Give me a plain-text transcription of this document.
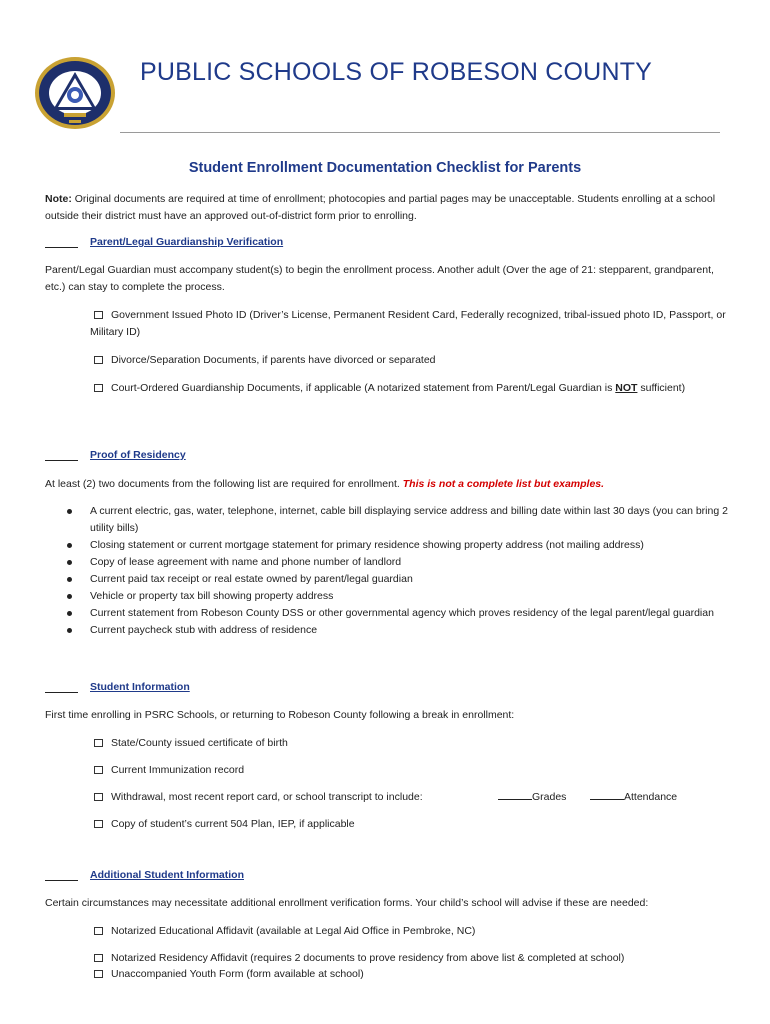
PUBLIC SCHOOLS OF ROBESON COUNTY
Student Enrollment Documentation Checklist for Parents
Note: Original documents are required at time of enrollment; photocopies and partial pages may be unacceptable. Students enrolling at a school outside their district must have an approved out-of-district form prior to enrolling.
Parent/Legal Guardianship Verification
Parent/Legal Guardian must accompany student(s) to begin the enrollment process. Another adult (Over the age of 21: stepparent, grandparent, etc.) can stay to complete the process.
Government Issued Photo ID (Driver’s License, Permanent Resident Card, Federally recognized, tribal-issued photo ID, Passport, or Military ID)
Divorce/Separation Documents, if parents have divorced or separated
Court-Ordered Guardianship Documents, if applicable (A notarized statement from Parent/Legal Guardian is NOT sufficient)
Proof of Residency
At least (2) two documents from the following list are required for enrollment. This is not a complete list but examples.
A current electric, gas, water, telephone, internet, cable bill displaying service address and billing date within last 30 days (you can bring 2 utility bills)
Closing statement or current mortgage statement for primary residence showing property address (not mailing address)
Copy of lease agreement with name and phone number of landlord
Current paid tax receipt or real estate owned by parent/legal guardian
Vehicle or property tax bill showing property address
Current statement from Robeson County DSS or other governmental agency which proves residency of the legal parent/legal guardian
Current paycheck stub with address of residence
Student Information
First time enrolling in PSRC Schools, or returning to Robeson County following a break in enrollment:
State/County issued certificate of birth
Current Immunization record
Withdrawal, most recent report card, or school transcript to include:	Grades	Attendance
Copy of student’s current 504 Plan, IEP, if applicable
Additional Student Information
Certain circumstances may necessitate additional enrollment verification forms. Your child’s school will advise if these are needed:
Notarized Educational Affidavit (available at Legal Aid Office in Pembroke, NC)
Notarized Residency Affidavit (requires 2 documents to prove residency from above list & completed at school)
Unaccompanied Youth Form (form available at school)
